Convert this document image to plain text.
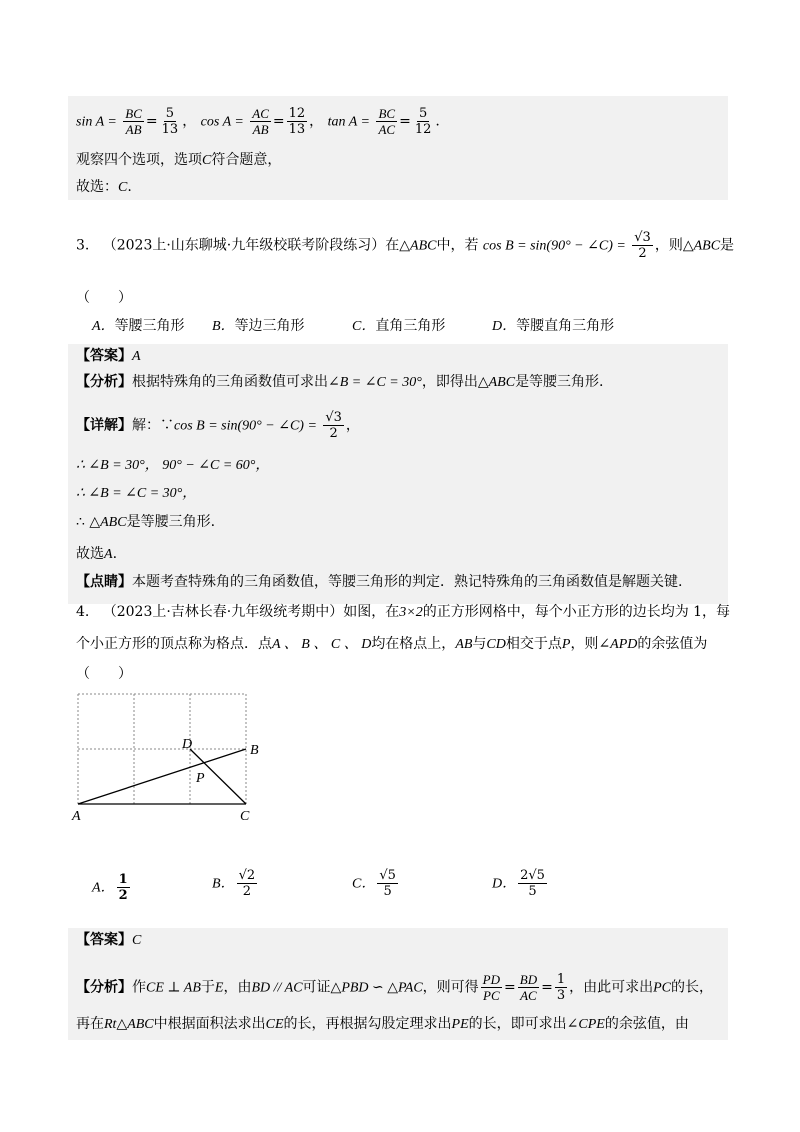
$\sin A = \frac{BC}{AB} = \frac{5}{13}$ ， $\cos A = \frac{AC}{AB} = \frac{12}{13}$ ， $\tan A = \frac{BC}{AC} = \frac{5}{12}$ .
观察四个选项，选项C符合题意，
故选：C.
3. （2023上·山东聊城·九年级校联考阶段练习）在△ABC中，若 cos B = sin(90° − ∠C) = $\frac{√3}{2}$ ，则△ABC是
（　　）
A．等腰三角形 B．等边三角形	C．直角三角形	D．等腰直角三角形
【答案】A
【分析】根据特殊角的三角函数值可求出∠B = ∠C = 30°，即得出△ABC是等腰三角形.
【详解】解：∵cos B = sin(90° − ∠C) = $\frac{√3}{2}$ ，
∴ ∠B = 30°， 90° − ∠C = 60°，
∴ ∠B = ∠C = 30°，
∴ △ABC是等腰三角形.
故选A.
【点睛】本题考查特殊角的三角函数值，等腰三角形的判定．熟记特殊角的三角函数值是解题关键.
4. （2023上·吉林长春·九年级统考期中）如图，在3×2的正方形网格中，每个小正方形的边长均为 1，每
个小正方形的顶点称为格点．点A 、 B 、 C 、 D均在格点上，AB与CD相交于点P，则∠APD的余弦值为
（　　）
A
B
C
D
P
A． $\frac{1}{2}$	B． $\frac{√2}{2}$	C． $\frac{√5}{5}$	D． $\frac{2√5}{5}$
【答案】C
【分析】作CE ⊥ AB于E，由BD // AC可证△PBD ∽ △PAC，则可得 $\frac{PD}{PC} = \frac{BD}{AC} = \frac{1}{3}$ ，由此可求出PC的长，
再在Rt△ABC中根据面积法求出CE的长，再根据勾股定理求出PE的长，即可求出∠CPE的余弦值，由
